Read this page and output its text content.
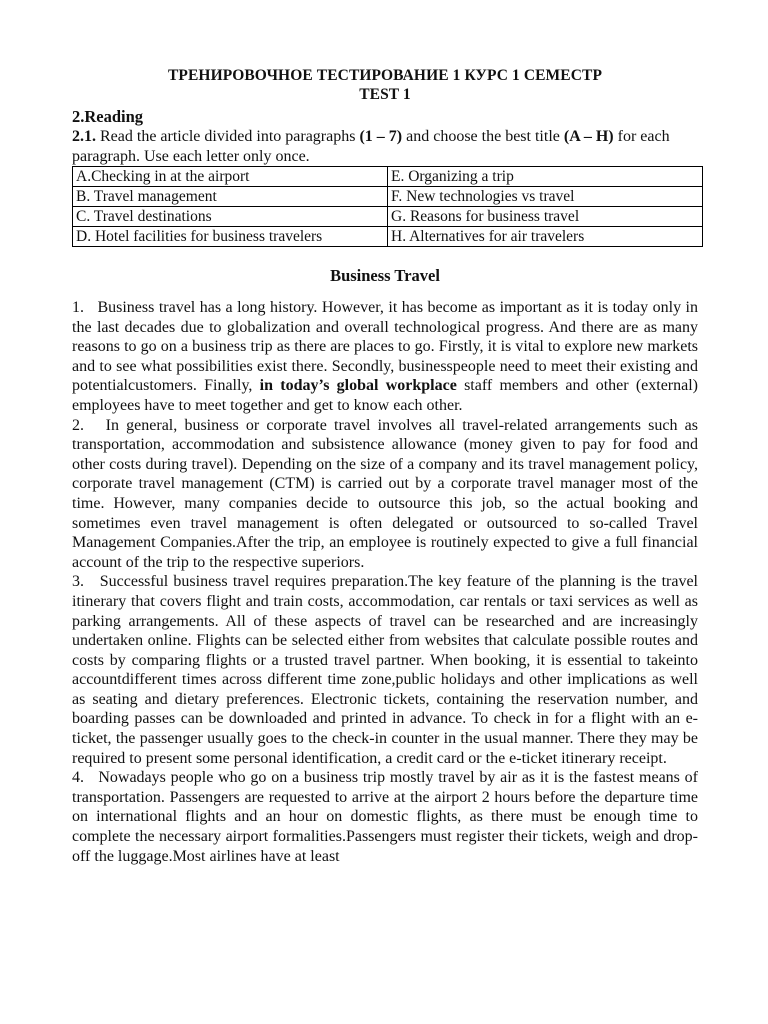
ТРЕНИРОВОЧНОЕ ТЕСТИРОВАНИЕ 1 КУРС 1 СЕМЕСТР
TEST 1
2.Reading
2.1. Read the article divided into paragraphs (1 – 7) and choose the best title (A – H) for each paragraph. Use each letter only once.
A.Checking in at the airport	E. Organizing a trip
B. Travel management	F. New technologies vs travel
C. Travel destinations	G. Reasons for business travel
D. Hotel facilities for business travelers	H. Alternatives for air travelers
Business Travel

1. Business travel has a long history. However, it has become as important as it is today only in the last decades due to globalization and overall technological progress. And there are as many reasons to go on a business trip as there are places to go. Firstly, it is vital to explore new markets and to see what possibilities exist there. Secondly, businesspeople need to meet their existing and potentialcustomers. Finally, in today’s global workplace staff members and other (external) employees have to meet together and get to know each other.

2. In general, business or corporate travel involves all travel-related arrangements such as transportation, accommodation and subsistence allowance (money given to pay for food and other costs during travel). Depending on the size of a company and its travel management policy, corporate travel management (CTM) is carried out by a corporate travel manager most of the time. However, many companies decide to outsource this job, so the actual booking and sometimes even travel management is often delegated or outsourced to so-called Travel Management Companies.After the trip, an employee is routinely expected to give a full financial account of the trip to the respective superiors.

3. Successful business travel requires preparation.The key feature of the planning is the travel itinerary that covers flight and train costs, accommodation, car rentals or taxi services as well as parking arrangements. All of these aspects of travel can be researched and are increasingly undertaken online. Flights can be selected either from websites that calculate possible routes and costs by comparing flights or a trusted travel partner. When booking, it is essential to takeinto accountdifferent times across different time zone,public holidays and other implications as well as seating and dietary preferences. Electronic tickets, containing the reservation number, and boarding passes can be downloaded and printed in advance. To check in for a flight with an e-ticket, the passenger usually goes to the check-in counter in the usual manner. There they may be required to present some personal identification, a credit card or the e-ticket itinerary receipt.

4. Nowadays people who go on a business trip mostly travel by air as it is the fastest means of transportation. Passengers are requested to arrive at the airport 2 hours before the departure time on international flights and an hour on domestic flights, as there must be enough time to complete the necessary airport formalities.Passengers must register their tickets, weigh and drop-off the luggage.Most airlines have at least
